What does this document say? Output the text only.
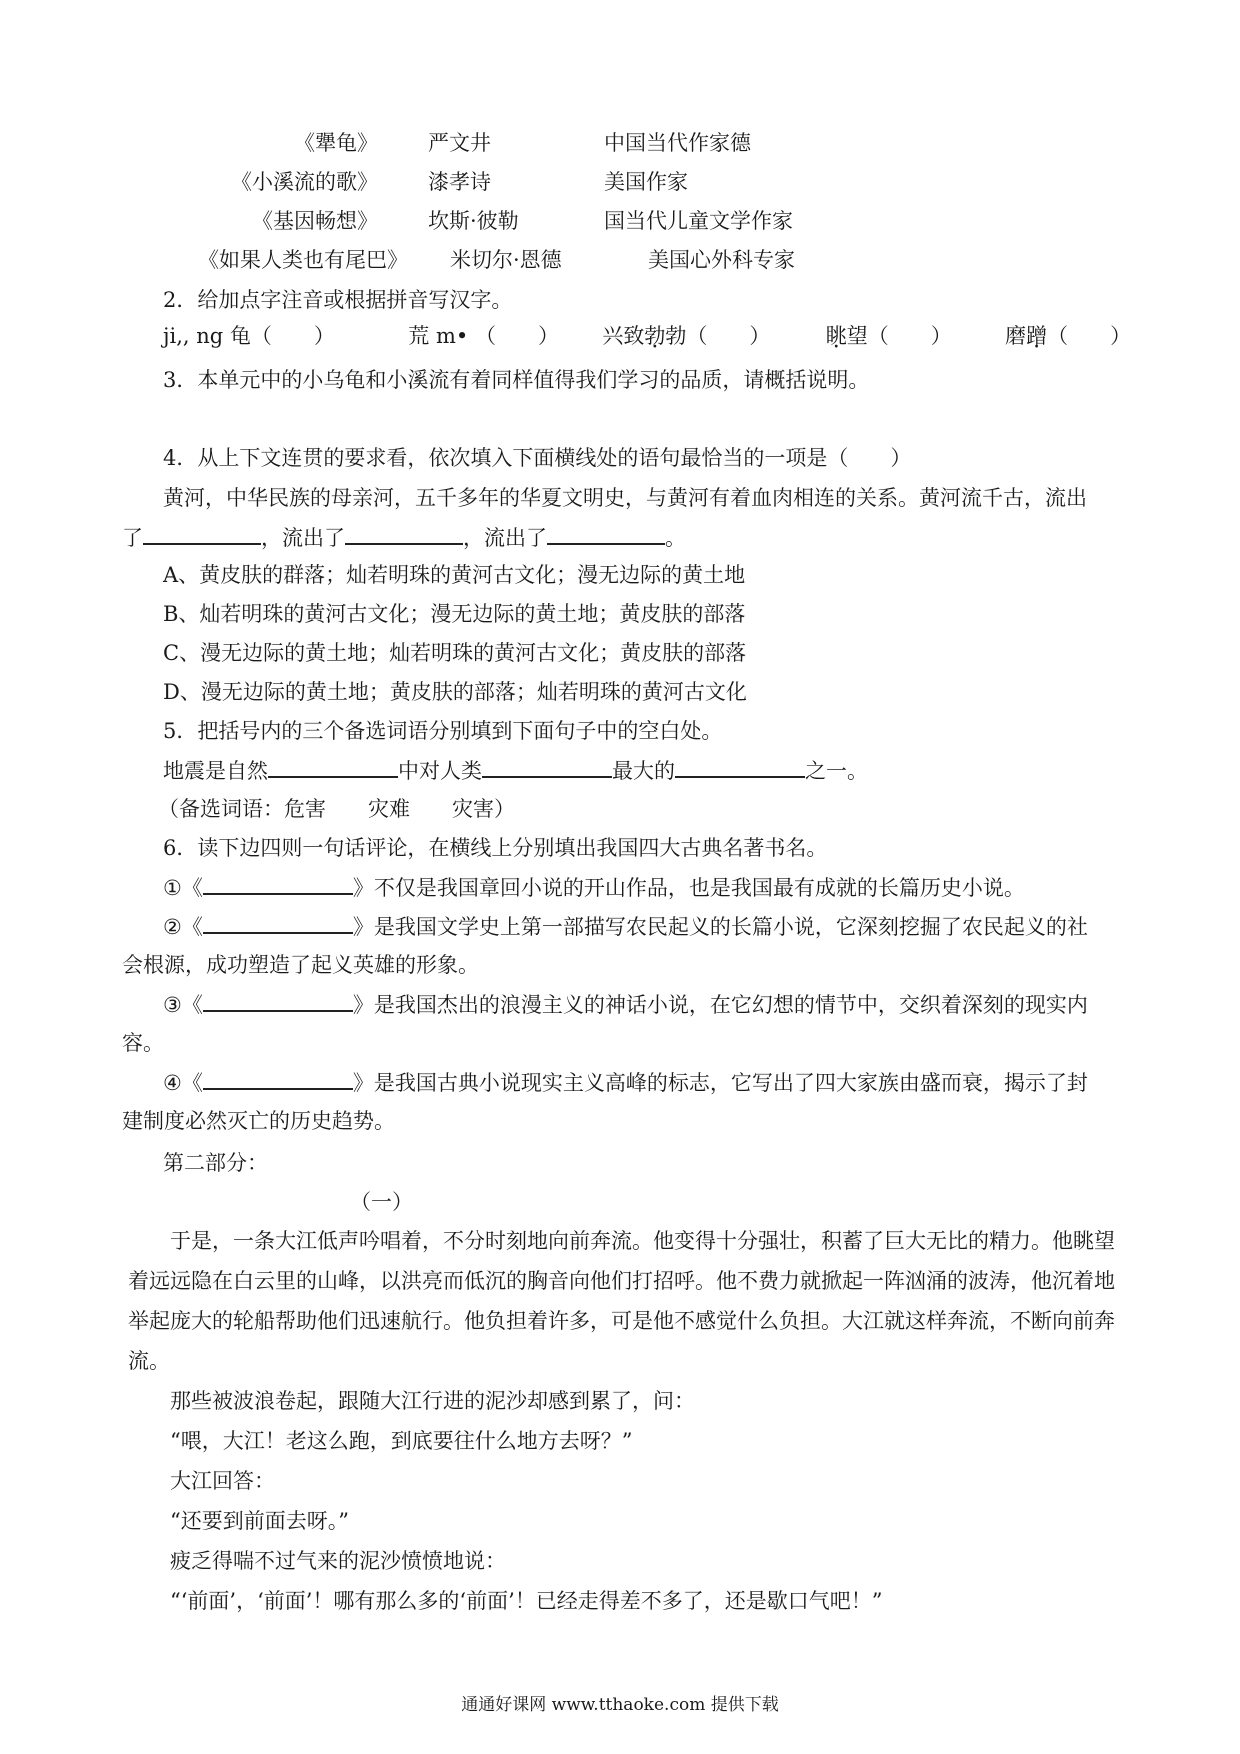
《犟龟》 严文井	中国当代作家德
《小溪流的歌》 漆孝诗	美国作家
《基因畅想》 坎斯·彼勒	国当代儿童文学作家
《如果人类也有尾巴》 米切尔·恩德	美国心外科专家
2．给加点字注音或根据拼音写汉字。
ji,, ng 龟（　　）	荒 m• （　　） 兴致勃勃（　　）	眺望（　　）	磨蹭（　　）
3．本单元中的小乌龟和小溪流有着同样值得我们学习的品质，请概括说明。
4．从上下文连贯的要求看，依次填入下面横线处的语句最恰当的一项是（　　）
黄河，中华民族的母亲河，五千多年的华夏文明史，与黄河有着血肉相连的关系。黄河流千古，流出
了	，流出了	，流出了	。
A、黄皮肤的群落；灿若明珠的黄河古文化；漫无边际的黄土地
B、灿若明珠的黄河古文化；漫无边际的黄土地；黄皮肤的部落
C、漫无边际的黄土地；灿若明珠的黄河古文化；黄皮肤的部落
D、漫无边际的黄土地；黄皮肤的部落；灿若明珠的黄河古文化
5．把括号内的三个备选词语分别填到下面句子中的空白处。
地震是自然	中对人类	最大的	之一。
（备选词语：危害　　灾难　　灾害）
6．读下边四则一句话评论，在横线上分别填出我国四大古典名著书名。
①《	》不仅是我国章回小说的开山作品，也是我国最有成就的长篇历史小说。
②《	》是我国文学史上第一部描写农民起义的长篇小说，它深刻挖掘了农民起义的社
会根源，成功塑造了起义英雄的形象。
③《	》是我国杰出的浪漫主义的神话小说，在它幻想的情节中，交织着深刻的现实内
容。
④《	》是我国古典小说现实主义高峰的标志，它写出了四大家族由盛而衰，揭示了封
建制度必然灭亡的历史趋势。
第二部分：
（一）

于是，一条大江低声吟唱着，不分时刻地向前奔流。他变得十分强壮，积蓄了巨大无比的精力。他眺望着远远隐在白云里的山峰，以洪亮而低沉的胸音向他们打招呼。他不费力就掀起一阵汹涌的波涛，他沉着地举起庞大的轮船帮助他们迅速航行。他负担着许多，可是他不感觉什么负担。大江就这样奔流，不断向前奔流。

那些被波浪卷起，跟随大江行进的泥沙却感到累了，问：

“喂，大江！老这么跑，到底要往什么地方去呀？”

大江回答：

“还要到前面去呀。”

疲乏得喘不过气来的泥沙愤愤地说：

“‘前面’，‘前面’！哪有那么多的‘前面’！已经走得差不多了，还是歇口气吧！”

通通好课网 www.tthaoke.com 提供下载
